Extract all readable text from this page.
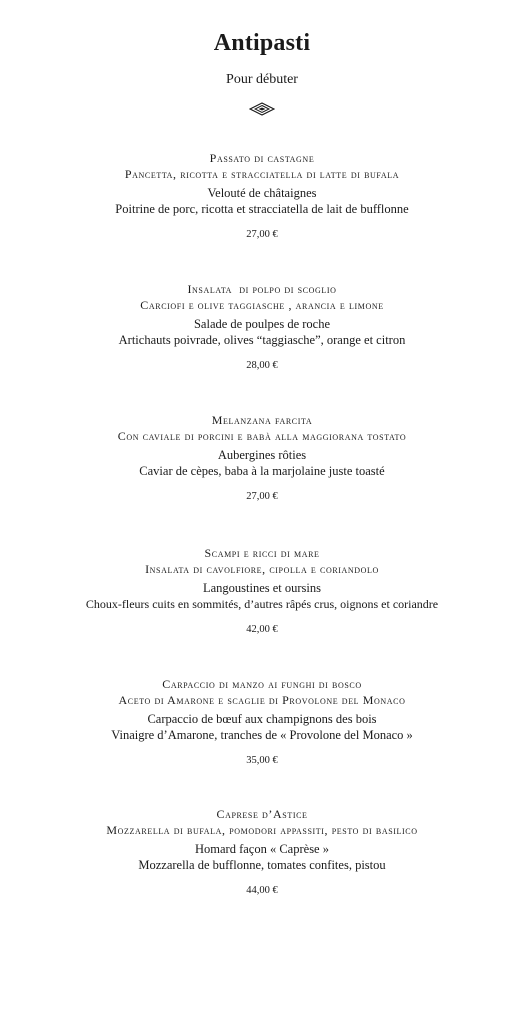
Antipasti
Pour débuter
Passato di castagne
Pancetta, ricotta e stracciatella di latte di bufala
Velouté de châtaignes
Poitrine de porc, ricotta et stracciatella de lait de bufflonne
27,00 €
Insalata  di polpo di scoglio
Carciofi e olive taggiasche , arancia e limone
Salade de poulpes de roche
Artichauts poivrade, olives “taggiasche”, orange et citron
28,00 €
Melanzana farcita
Con caviale di porcini e babà alla maggiorana tostato
Aubergines rôties
Caviar de cèpes, baba à la marjolaine juste toasté
27,00 €
Scampi e ricci di mare
Insalata di cavolfiore, cipolla e coriandolo
Langoustines et oursins
Choux-fleurs cuits en sommités, d’autres râpés crus, oignons et coriandre
42,00 €
Carpaccio di manzo ai funghi di bosco
Aceto di Amarone e scaglie di Provolone del Monaco
Carpaccio de bœuf aux champignons des bois
Vinaigre d’Amarone, tranches de « Provolone del Monaco »
35,00 €
Caprese d’Astice
Mozzarella di bufala, pomodori appassiti, pesto di basilico
Homard façon « Caprèse »
Mozzarella de bufflonne, tomates confites, pistou
44,00 €
